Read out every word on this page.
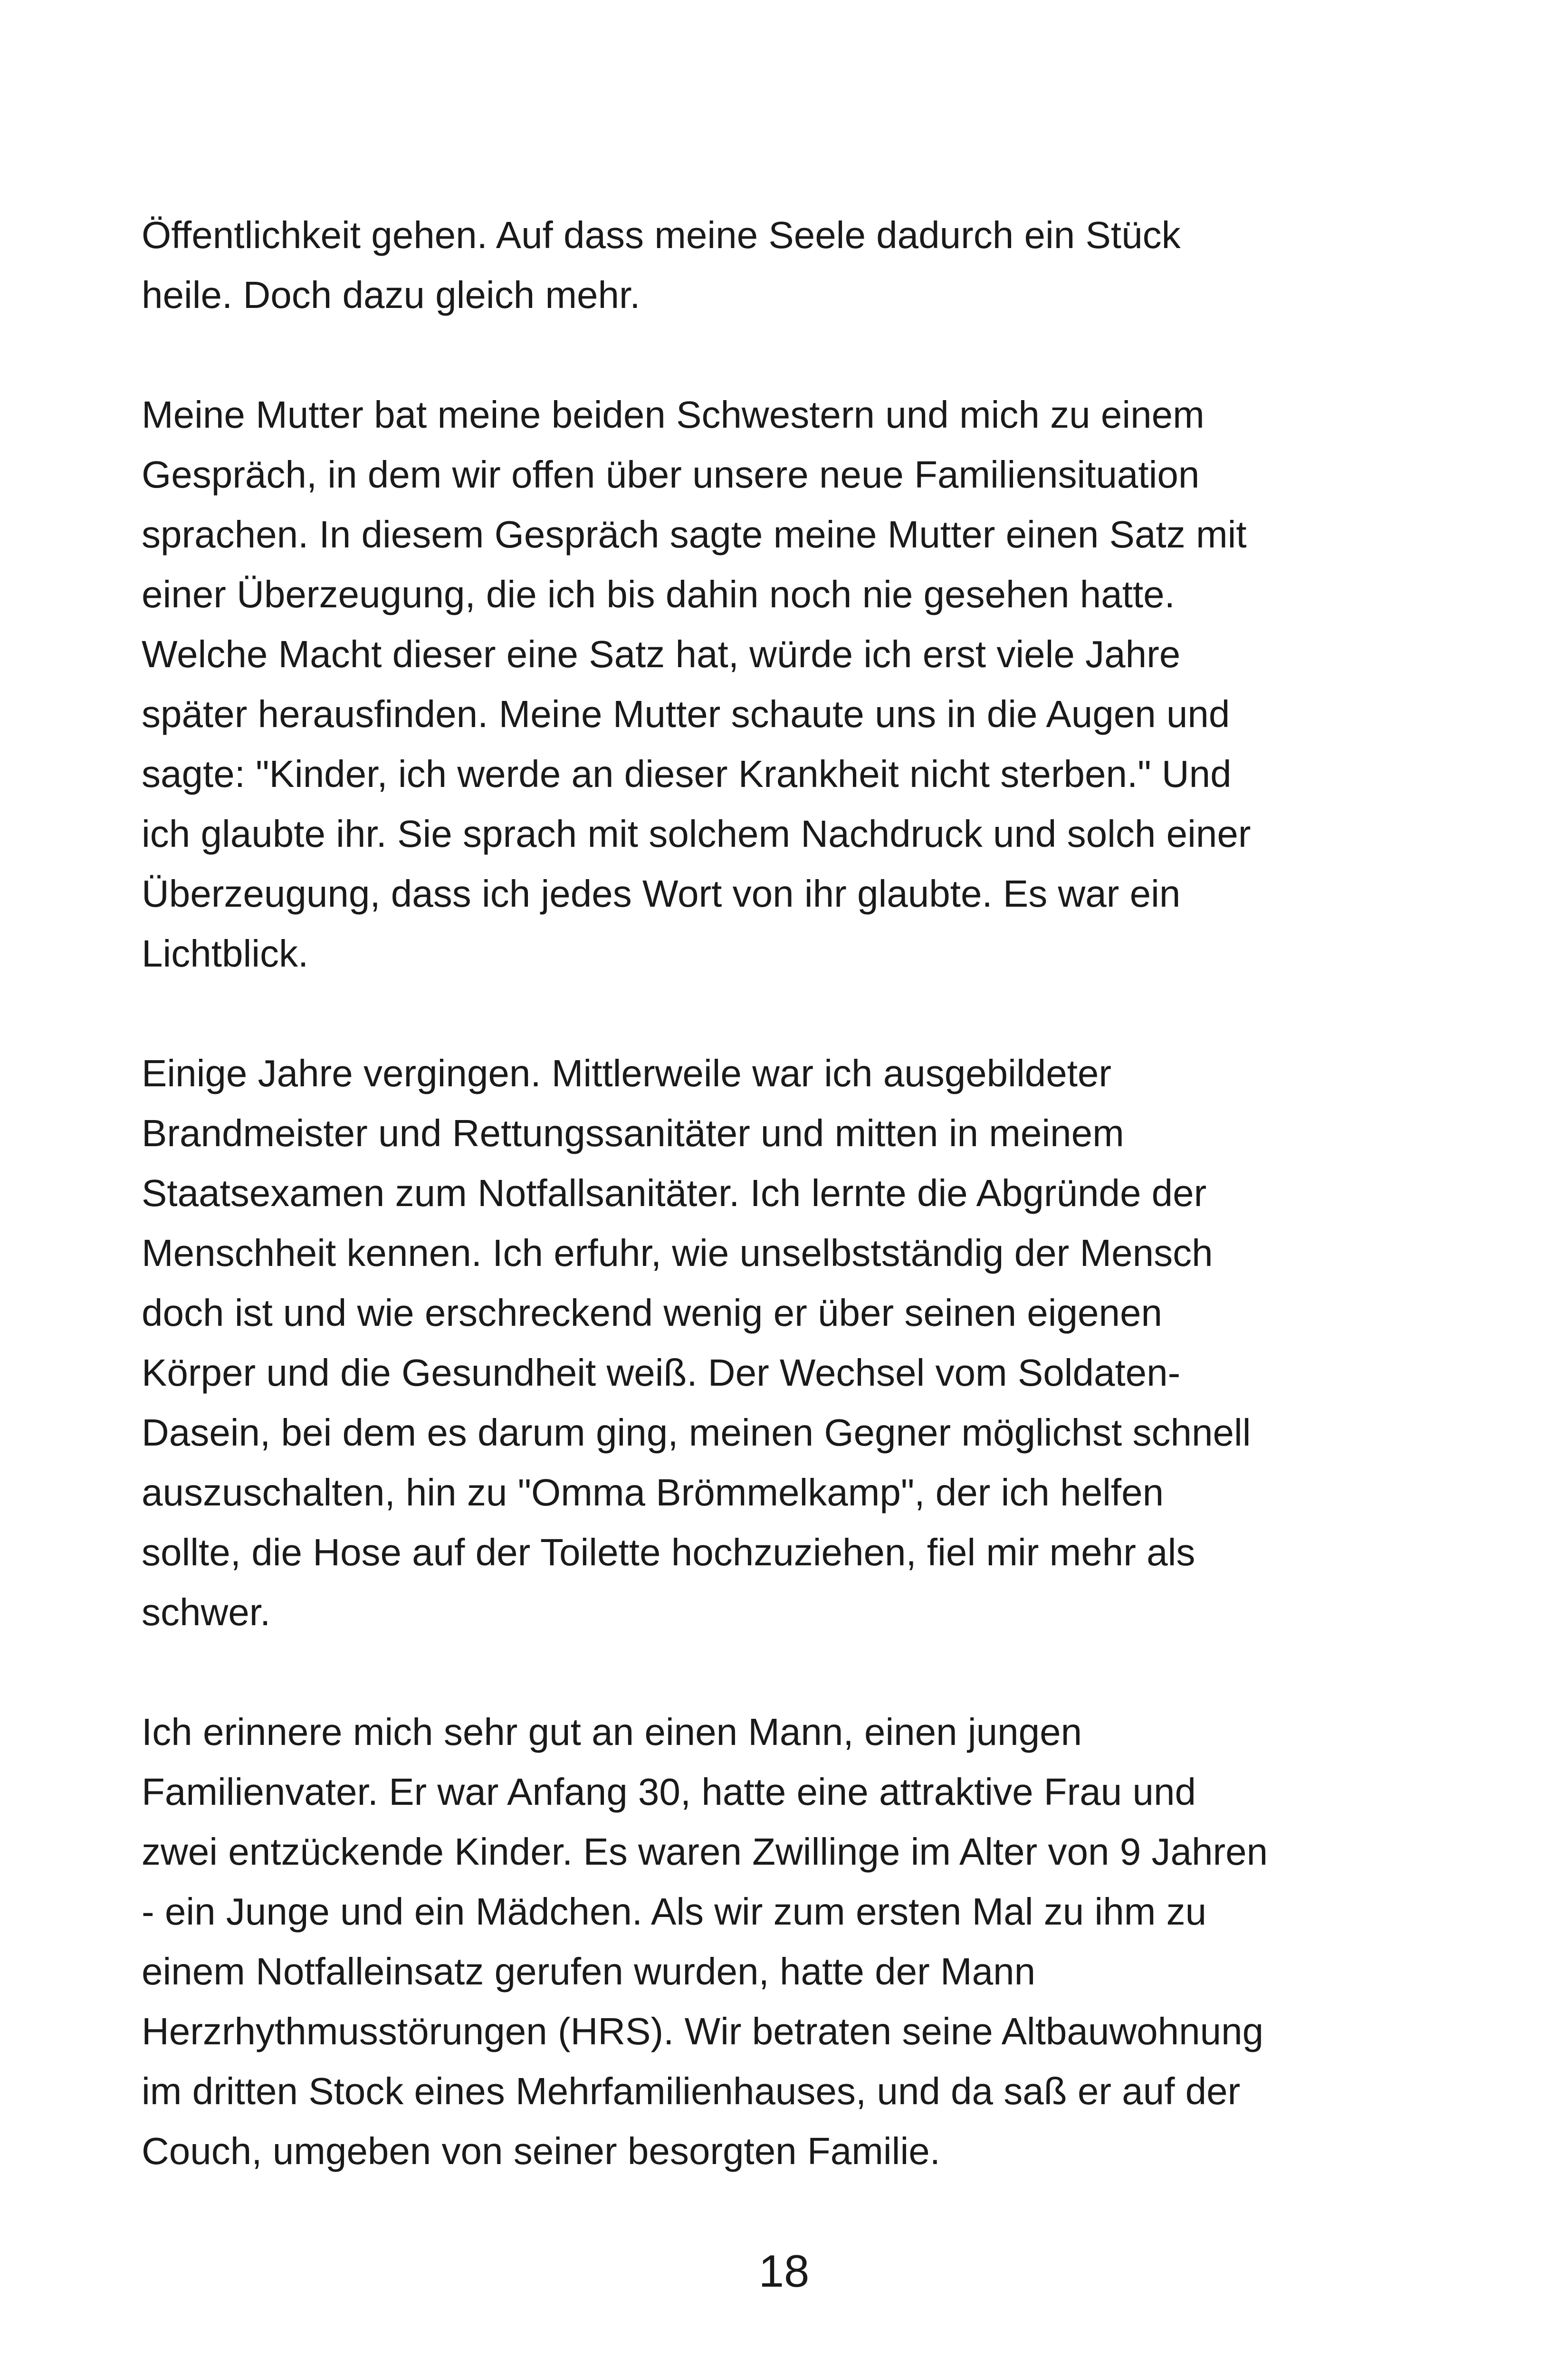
Öffentlichkeit gehen. Auf dass meine Seele dadurch ein Stück
heile. Doch dazu gleich mehr.
Meine Mutter bat meine beiden Schwestern und mich zu einem
Gespräch, in dem wir offen über unsere neue Familiensituation
sprachen. In diesem Gespräch sagte meine Mutter einen Satz mit
einer Überzeugung, die ich bis dahin noch nie gesehen hatte.
Welche Macht dieser eine Satz hat, würde ich erst viele Jahre
später herausfinden. Meine Mutter schaute uns in die Augen und
sagte: "Kinder, ich werde an dieser Krankheit nicht sterben." Und
ich glaubte ihr. Sie sprach mit solchem Nachdruck und solch einer
Überzeugung, dass ich jedes Wort von ihr glaubte. Es war ein
Lichtblick.
Einige Jahre vergingen. Mittlerweile war ich ausgebildeter
Brandmeister und Rettungssanitäter und mitten in meinem
Staatsexamen zum Notfallsanitäter. Ich lernte die Abgründe der
Menschheit kennen. Ich erfuhr, wie unselbstständig der Mensch
doch ist und wie erschreckend wenig er über seinen eigenen
Körper und die Gesundheit weiß. Der Wechsel vom Soldaten-
Dasein, bei dem es darum ging, meinen Gegner möglichst schnell
auszuschalten, hin zu "Omma Brömmelkamp", der ich helfen
sollte, die Hose auf der Toilette hochzuziehen, fiel mir mehr als
schwer.
Ich erinnere mich sehr gut an einen Mann, einen jungen
Familienvater. Er war Anfang 30, hatte eine attraktive Frau und
zwei entzückende Kinder. Es waren Zwillinge im Alter von 9 Jahren
- ein Junge und ein Mädchen. Als wir zum ersten Mal zu ihm zu
einem Notfalleinsatz gerufen wurden, hatte der Mann
Herzrhythmusstörungen (HRS). Wir betraten seine Altbauwohnung
im dritten Stock eines Mehrfamilienhauses, und da saß er auf der
Couch, umgeben von seiner besorgten Familie.
18
